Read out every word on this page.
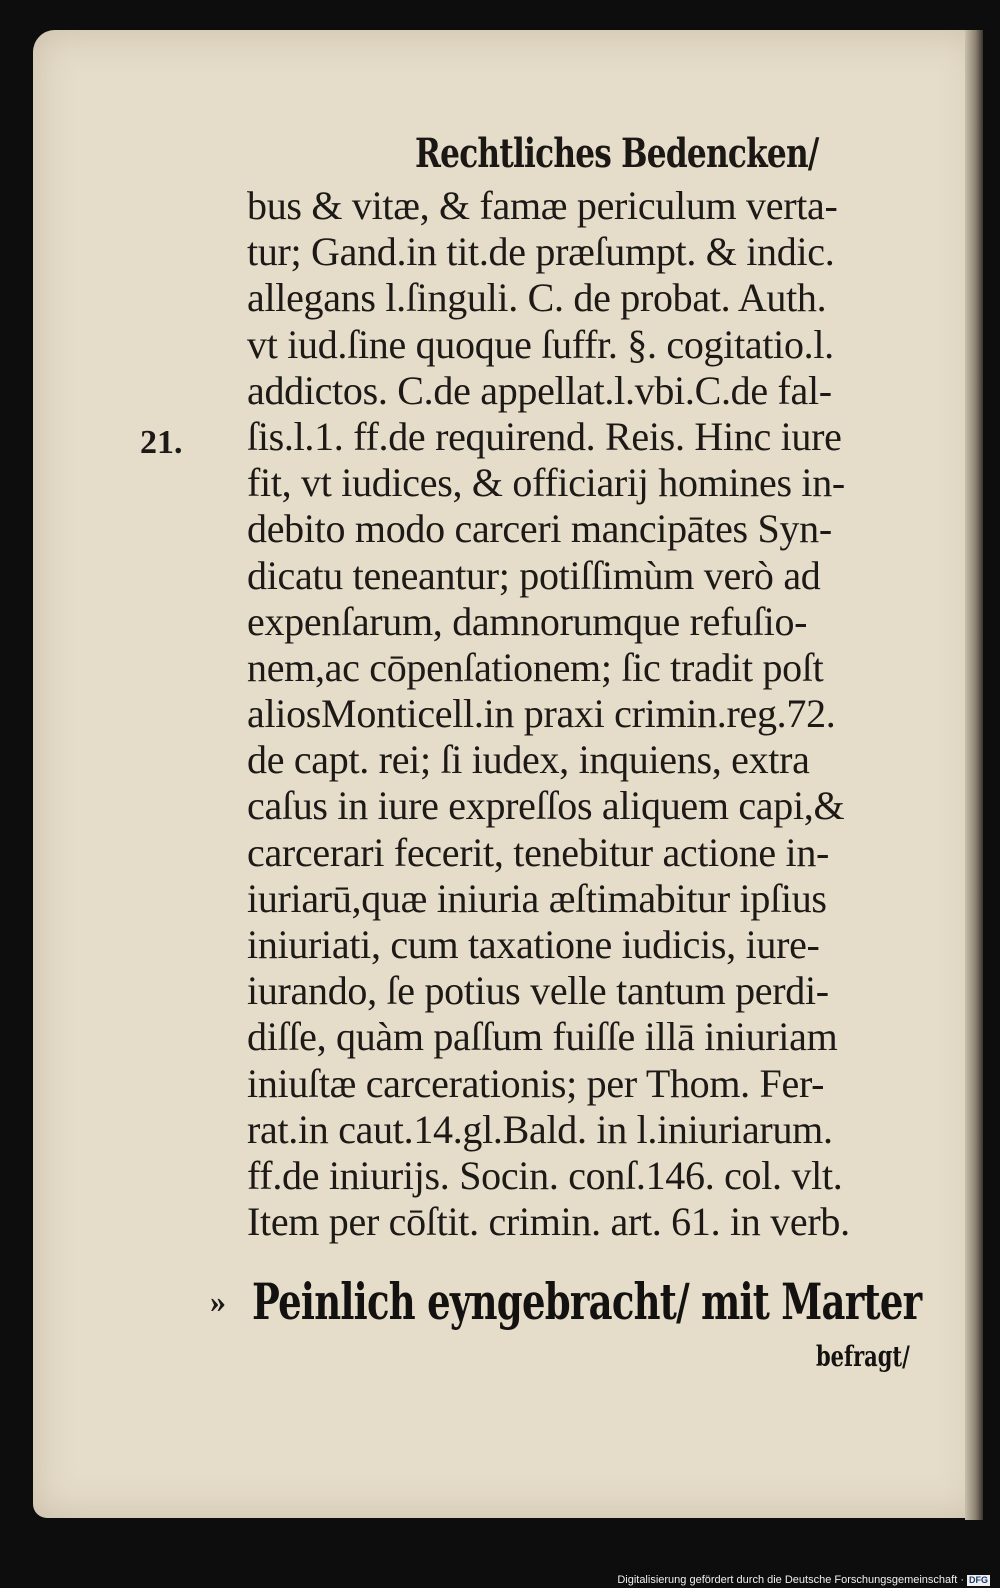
Rechtliches Bedencken/
21.
bus & vitæ, & famæ periculum verta-
tur; Gand.in tit.de præſumpt. & indic.
allegans l.ſinguli. C. de probat. Auth.
vt iud.ſine quoque ſuffr. §. cogitatio.l.
addictos. C.de appellat.l.vbi.C.de fal-
ſis.l.1. ff.de requirend. Reis. Hinc iure
fit, vt iudices, & officiarij homines in-
debito modo carceri mancipātes Syn-
dicatu teneantur; potiſſimùm verò ad
expenſarum, damnorumque refuſio-
nem,ac cōpenſationem; ſic tradit poſt
aliosMonticell.in praxi crimin.reg.72.
de capt. rei; ſi iudex, inquiens, extra
caſus in iure expreſſos aliquem capi,&
carcerari fecerit, tenebitur actione in-
iuriarū,quæ iniuria æſtimabitur ipſius
iniuriati, cum taxatione iudicis, iure-
iurando, ſe potius velle tantum perdi-
diſſe, quàm paſſum fuiſſe illā iniuriam
iniuſtæ carcerationis; per Thom. Fer-
rat.in caut.14.gl.Bald. in l.iniuriarum.
ff.de iniurijs. Socin. conſ.146. col. vlt.
Item per cōſtit. crimin. art. 61. in verb.
» Peinlich eyngebracht/ mit Marter
befragt/
Digitalisierung gefördert durch die Deutsche Forschungsgemeinschaft · DFG
